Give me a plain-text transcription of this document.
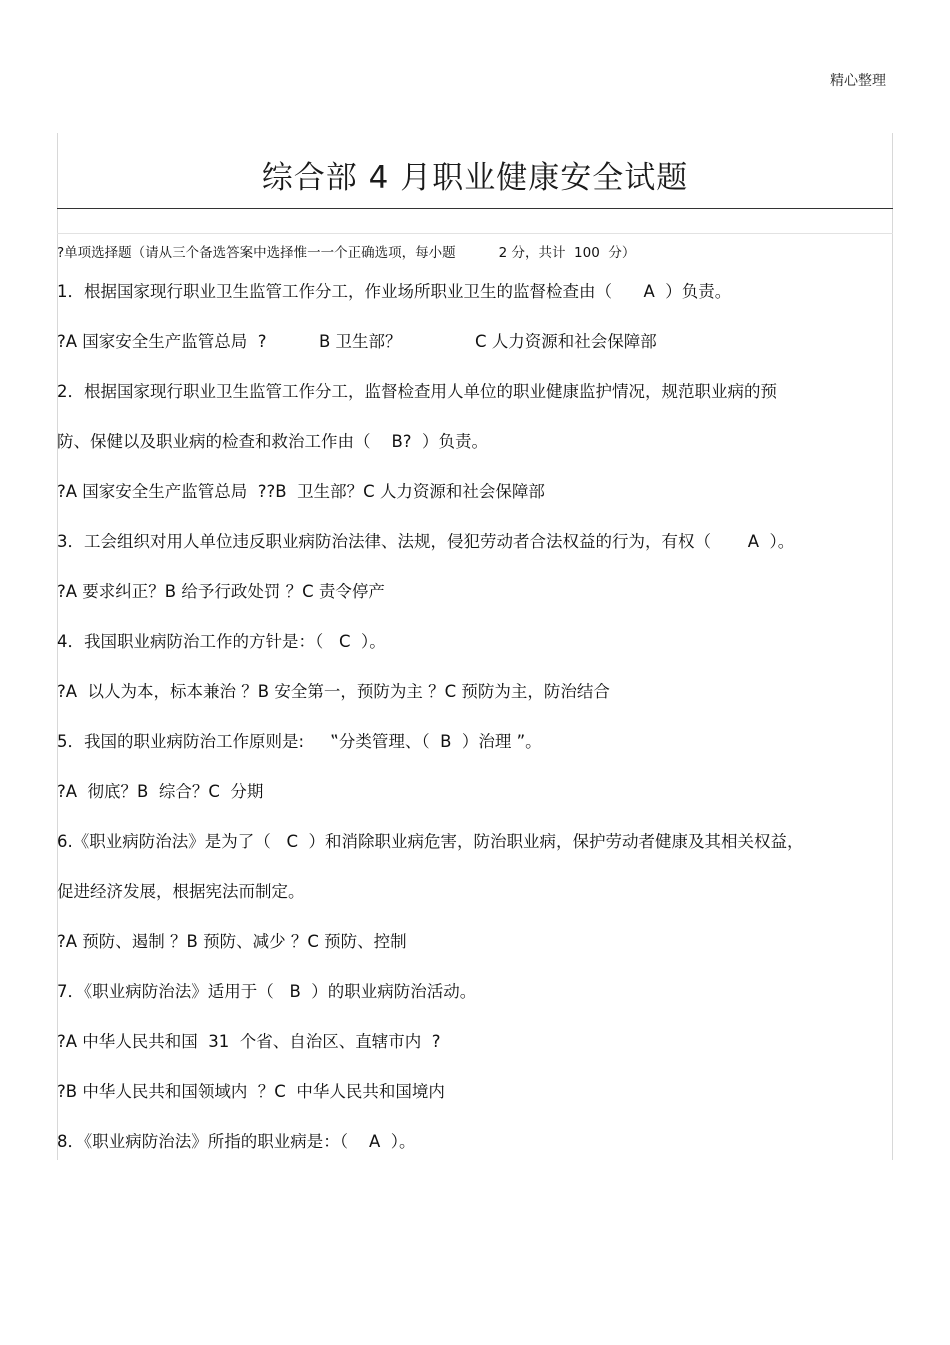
精心整理
综合部 4 月职业健康安全试题
?单项选择题（请从三个备选答案中选择惟一一个正确选项，每小题          2 分，共计  100  分）
1．根据国家现行职业卫生监管工作分工，作业场所职业卫生的监督检查由（      A  ）负责。
?A 国家安全生产监管总局  ?          B 卫生部？              C 人力资源和社会保障部
2．根据国家现行职业卫生监管工作分工，监督检查用人单位的职业健康监护情况，规范职业病的预
防、保健以及职业病的检查和救治工作由（    B?  ）负责。
?A 国家安全生产监管总局  ??B  卫生部？C 人力资源和社会保障部
3．工会组织对用人单位违反职业病防治法律、法规，侵犯劳动者合法权益的行为，有权（       A  ）。
?A 要求纠正？B 给予行政处罚 ？C 责令停产
4．我国职业病防治工作的方针是：（   C  ）。
?A  以人为本，标本兼治 ？B 安全第一，预防为主 ？C 预防为主，防治结合
5．我国的职业病防治工作原则是:     ‟分类管理、（  B  ）治理 ”。
?A  彻底？B  综合？C  分期
6.《职业病防治法》是为了（   C  ）和消除职业病危害，防治职业病，保护劳动者健康及其相关权益，
促进经济发展，根据宪法而制定。
?A 预防、遏制 ？B 预防、减少 ？C 预防、控制
7．《职业病防治法》适用于（   B  ）的职业病防治活动。
?A 中华人民共和国  31  个省、自治区、直辖市内  ?
?B 中华人民共和国领域内  ？C  中华人民共和国境内
8．《职业病防治法》所指的职业病是：（    A  ）。
